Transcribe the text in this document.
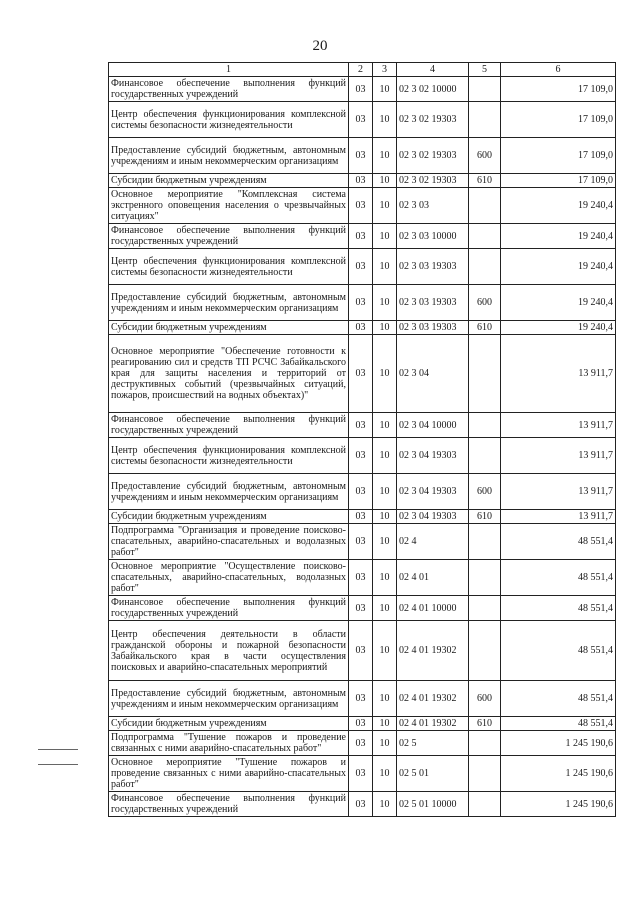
20
1	2	3	4	5	6
Финансовое обеспечение выполнения функций государственных учреждений	03	10	02 3 02 10000		17 109,0
Центр обеспечения функционирования комплексной системы безопасности жизнедеятельности	03	10	02 3 02 19303		17 109,0
Предоставление субсидий бюджетным, автономным учреждениям и иным некоммерческим организациям	03	10	02 3 02 19303	600	17 109,0
Субсидии бюджетным учреждениям	03	10	02 3 02 19303	610	17 109,0
Основное мероприятие "Комплексная система экстренного оповещения населения о чрезвычайных ситуациях"	03	10	02 3 03		19 240,4
Финансовое обеспечение выполнения функций государственных учреждений	03	10	02 3 03 10000		19 240,4
Центр обеспечения функционирования комплексной системы безопасности жизнедеятельности	03	10	02 3 03 19303		19 240,4
Предоставление субсидий бюджетным, автономным учреждениям и иным некоммерческим организациям	03	10	02 3 03 19303	600	19 240,4
Субсидии бюджетным учреждениям	03	10	02 3 03 19303	610	19 240,4
Основное мероприятие "Обеспечение готовности к реагированию сил и средств ТП РСЧС Забайкальского края для защиты населения и территорий от деструктивных событий (чрезвычайных ситуаций, пожаров, происшествий на водных объектах)"	03	10	02 3 04		13 911,7
Финансовое обеспечение выполнения функций государственных учреждений	03	10	02 3 04 10000		13 911,7
Центр обеспечения функционирования комплексной системы безопасности жизнедеятельности	03	10	02 3 04 19303		13 911,7
Предоставление субсидий бюджетным, автономным учреждениям и иным некоммерческим организациям	03	10	02 3 04 19303	600	13 911,7
Субсидии бюджетным учреждениям	03	10	02 3 04 19303	610	13 911,7
Подпрограмма "Организация и проведение поисково-спасательных, аварийно-спасательных и водолазных работ"	03	10	02 4		48 551,4
Основное мероприятие "Осуществление поисково-спасательных, аварийно-спасательных, водолазных работ"	03	10	02 4 01		48 551,4
Финансовое обеспечение выполнения функций государственных учреждений	03	10	02 4 01 10000		48 551,4
Центр обеспечения деятельности в области гражданской обороны и пожарной безопасности Забайкальского края в части осуществления поисковых и аварийно-спасательных мероприятий	03	10	02 4 01 19302		48 551,4
Предоставление субсидий бюджетным, автономным учреждениям и иным некоммерческим организациям	03	10	02 4 01 19302	600	48 551,4
Субсидии бюджетным учреждениям	03	10	02 4 01 19302	610	48 551,4
Подпрограмма "Тушение пожаров и проведение связанных с ними аварийно-спасательных работ"	03	10	02 5		1 245 190,6
Основное мероприятие "Тушение пожаров и проведение связанных с ними аварийно-спасательных работ"	03	10	02 5 01		1 245 190,6
Финансовое обеспечение выполнения функций государственных учреждений	03	10	02 5 01 10000		1 245 190,6
